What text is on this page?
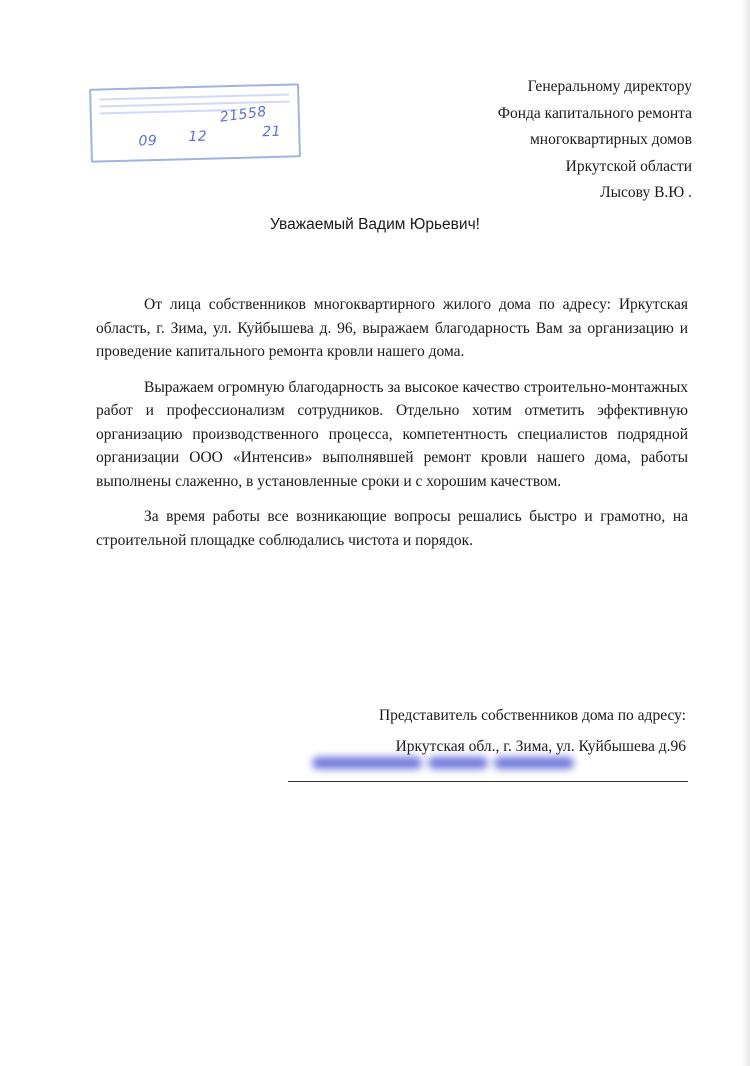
21558
09 12	21
Генеральному директору
Фонда капитального ремонта
многоквартирных домов
Иркутской области
Лысову В.Ю .
Уважаемый Вадим Юрьевич!

От лица собственников многоквартирного жилого дома по адресу: Иркутская область, г. Зима, ул. Куйбышева д. 96, выражаем благодарность Вам за организацию и проведение капитального ремонта кровли нашего дома.

Выражаем огромную благодарность за высокое качество строительно-монтажных работ и профессионализм сотрудников. Отдельно хотим отметить эффективную организацию производственного процесса, компетентность специалистов подрядной организации ООО «Интенсив» выполнявшей ремонт кровли нашего дома, работы выполнены слаженно, в установленные сроки и с хорошим качеством.

За время работы все возникающие вопросы решались быстро и грамотно, на строительной площадке соблюдались чистота и порядок.

Представитель собственников дома по адресу:
Иркутская обл., г. Зима, ул. Куйбышева д.96
